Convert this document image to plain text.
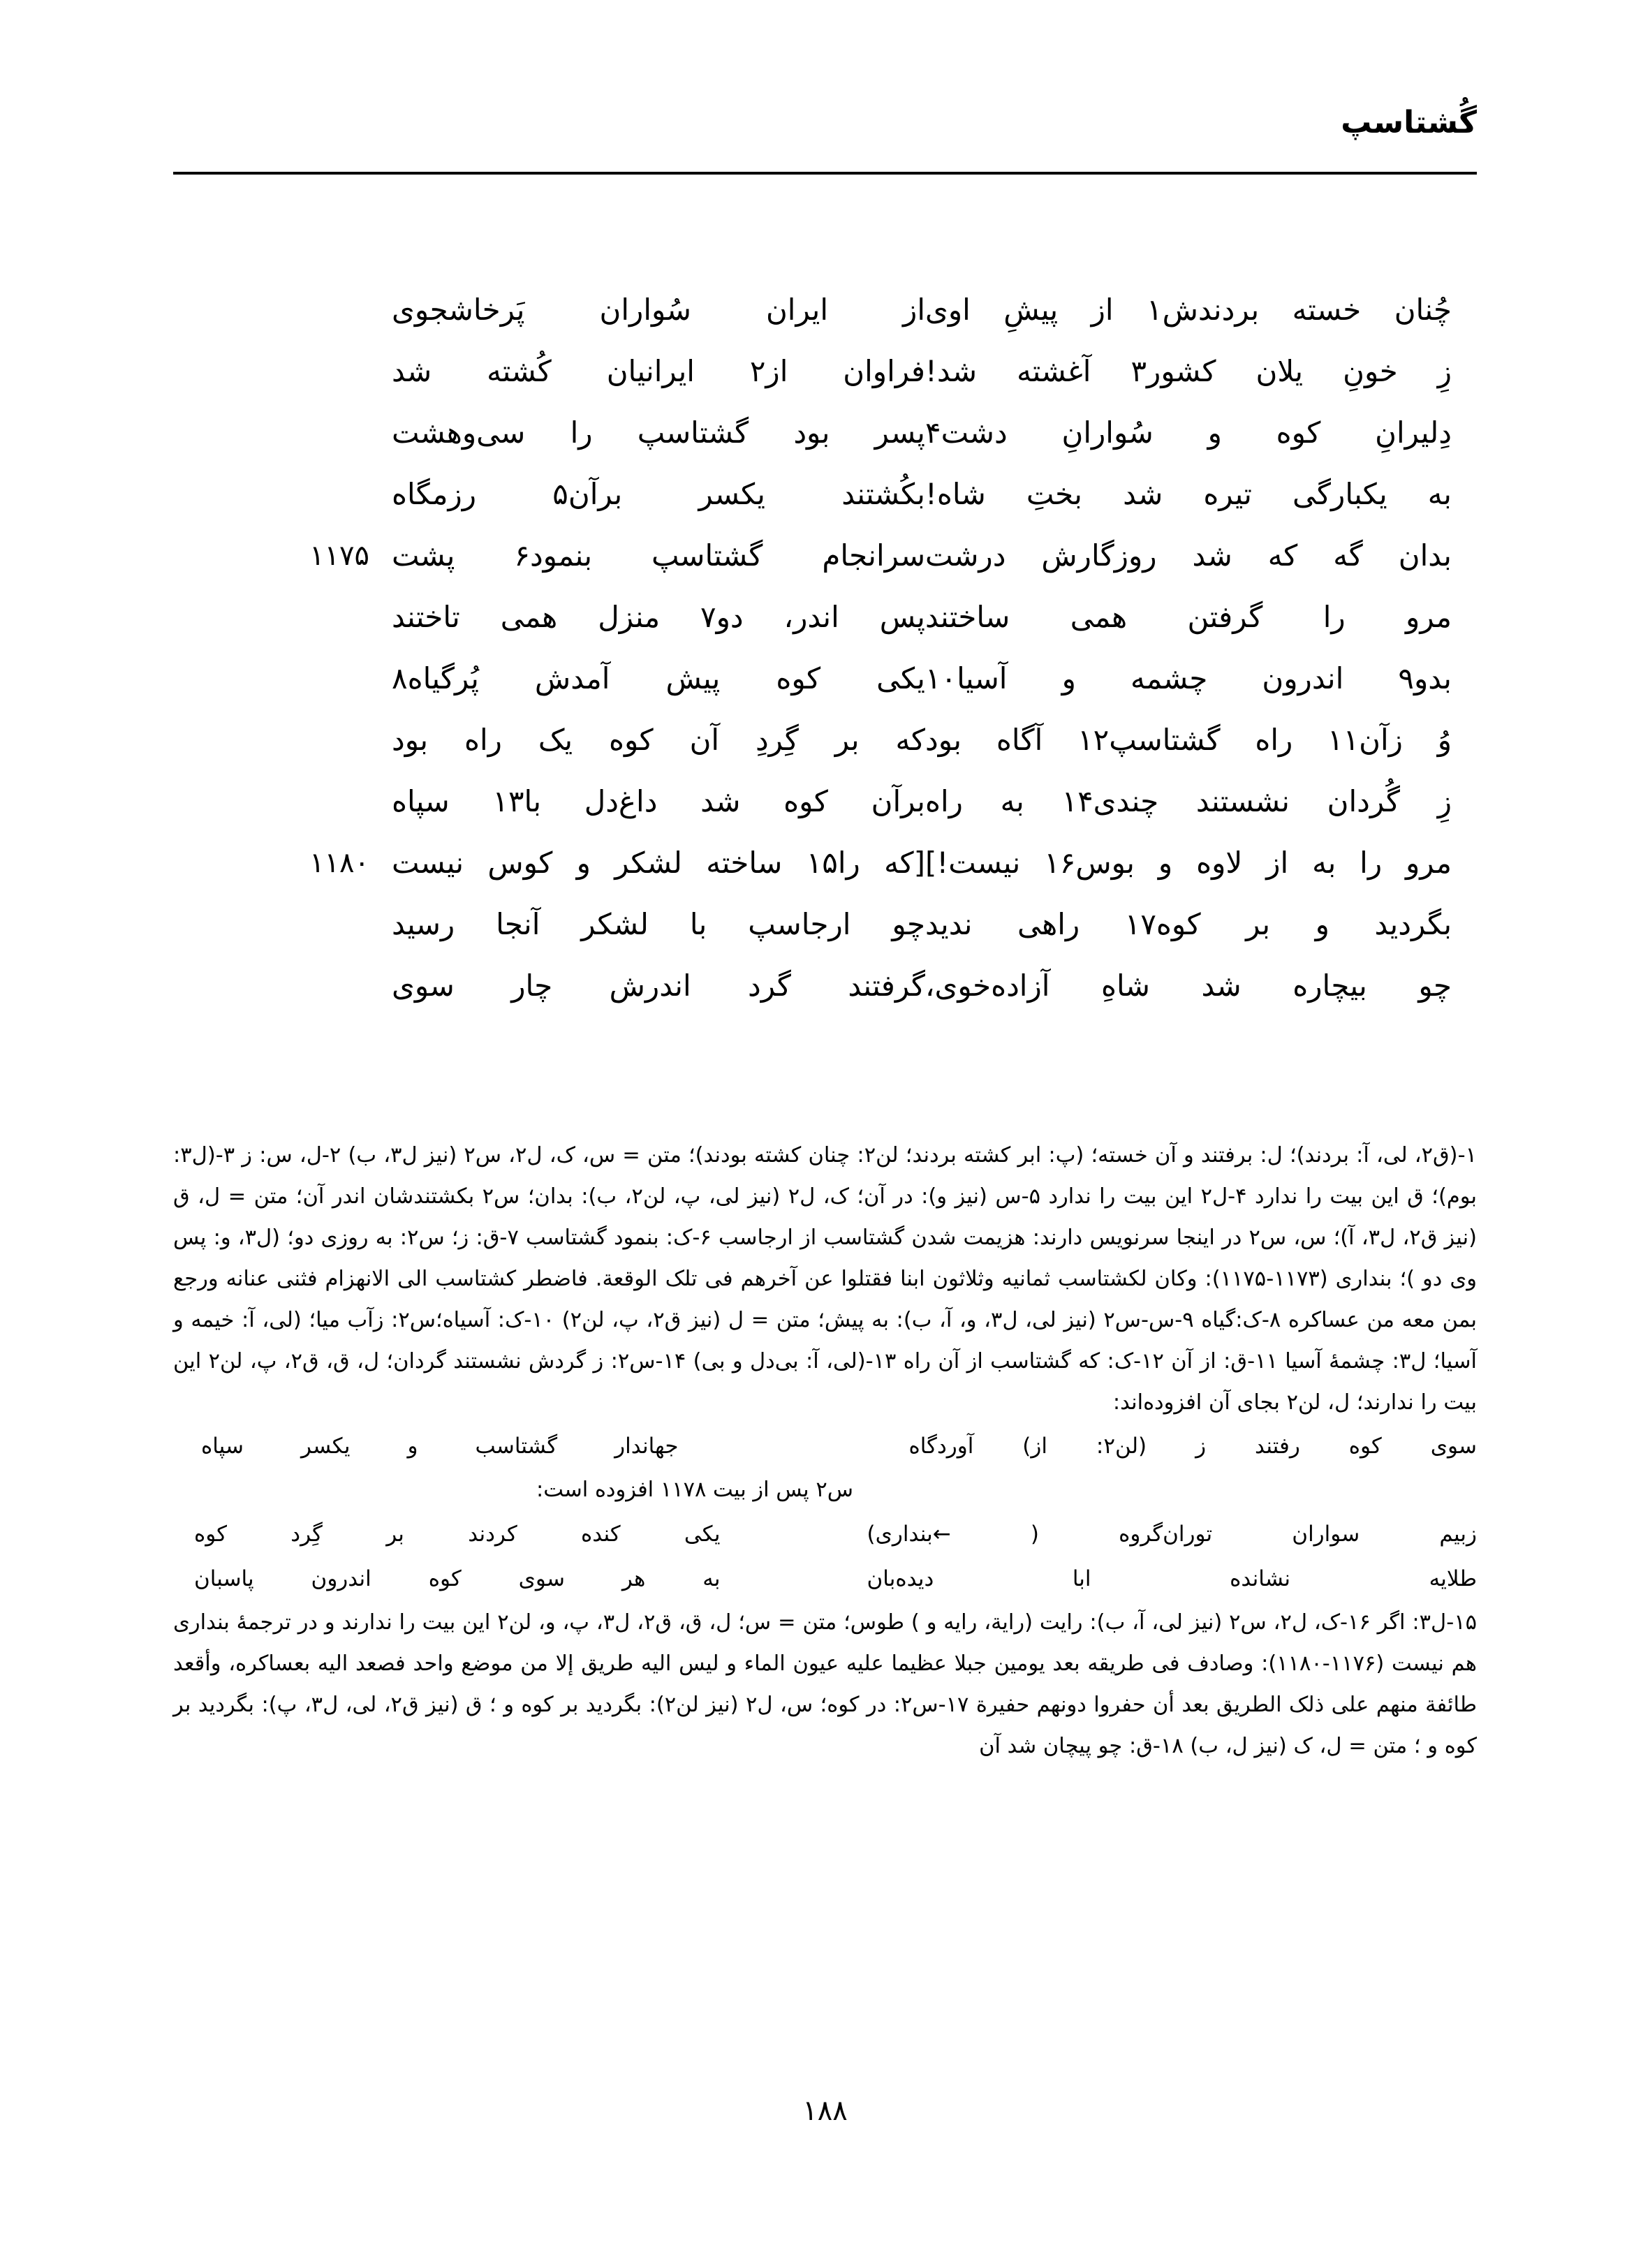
گُشتاسپ
چُنان خسته بردندش۱ از پیشِ اوی
از ایران سُواران پَرخاشجوی
زِ خونِ یلان کشور۳ آغشته شد!
فراوان از۲ ایرانیان کُشته شد
دِلیرانِ کوه و سُوارانِ دشت۴
پسر بود گشتاسپ را سی‌وهشت
به یکبارگی تیره شد بختِ شاه!
بکُشتند یکسر برآن۵ رزمگاه
بدان گه که شد روزگارش درشت
سرانجام گشتاسپ بنمود۶ پشت
۱۱۷۵
مرو را گرفتن همی ساختند
پس اندر، دو۷ منزل همی تاختند
بدو۹ اندرون چشمه و آسیا۱۰
یکی کوه پیش آمدش پُرگیاه۸
وُ زآن۱۱ راه گشتاسپ۱۲ آگاه بود
که بر گِردِ آن کوه یک راه بود
زِ گُردان نشستند چندی۱۴ به راه
برآن کوه شد داغ‌دل با۱۳ سپاه
مرو را به از لاوه و بوس۱۶ نیست!]
[که را۱۵ ساخته لشکر و کوس نیست
۱۱۸۰
بگردید و بر کوه۱۷ راهی ندید
چو ارجاسپ با لشکر آنجا رسید
چو بیچاره شد شاهِ آزاده‌خوی،
گرفتند گرد اندرش چار سوی

۱-(ق۲، لی، آ: بردند)؛ ل: برفتند و آن خسته؛ (پ: ابر کشته بردند؛ لن۲: چنان کشته بودند)؛ متن = س، ک، ل۲، س۲ (نیز ل۳، ب) ۲-ل، س: ز ۳-(ل۳: بوم)؛ ق این بیت را ندارد ۴-ل۲ این بیت را ندارد ۵-س (نیز و): در آن؛ ک، ل۲ (نیز لی، پ، لن۲، ب): بدان؛ س۲ بکشتندشان اندر آن؛ متن = ل، ق (نیز ق۲، ل۳، آ)؛ س، س۲ در اینجا سرنویس دارند: هزیمت شدن گشتاسب از ارجاسب ۶-ک: بنمود گشتاسب ۷-ق: ز؛ س۲: به روزی دو؛ (ل۳، و: پس وی دو )؛ بنداری (۱۱۷۳-۱۱۷۵): وکان لکشتاسب ثمانیه وثلاثون ابنا فقتلوا عن آخرهم فی تلک الوقعة. فاضطر کشتاسب الی الانهزام فثنی عنانه ورجع بمن معه من عساکره ۸-ک:گیاه ۹-س-س۲ (نیز لی، ل۳، و، آ، ب): به پیش؛ متن = ل (نیز ق۲، پ، لن۲) ۱۰-ک: آسیاه؛س۲: زآب میا؛ (لی، آ: خیمه و آسیا؛ ل۳: چشمهٔ آسیا ۱۱-ق: از آن ۱۲-ک: که گشتاسب از آن راه ۱۳-(لی، آ: بی‌دل و بی) ۱۴-س۲: ز گردش نشستند گردان؛ ل، ق، ق۲، پ، لن۲ این بیت را ندارند؛ ل، لن۲ بجای آن افزوده‌اند:

سوی کوه رفتند ز (لن۲: از) آوردگاه
جهاندار گشتاسب و یکسر سپاه
س۲ پس از بیت ۱۱۷۸ افزوده است:
زبیم سواران توران‌گروه ( ←بنداری)
یکی کنده کردند بر گِرد کوه
طلایه نشانده ابا دیده‌بان
به هر سوی کوه اندرون پاسبان

۱۵-ل۳: اگر ۱۶-ک، ل۲، س۲ (نیز لی، آ، ب): رایت (رایة، رایه و ) طوس؛ متن = س؛ ل، ق، ق۲، ل۳، پ، و، لن۲ این بیت را ندارند و در ترجمهٔ بنداری هم نیست (۱۱۷۶-۱۱۸۰): وصادف فی طریقه بعد یومین جبلا عظیما علیه عیون الماء و لیس الیه طریق إلا من موضع واحد فصعد الیه بعساکره، وأقعد طائفة منهم علی ذلک الطریق بعد أن حفروا دونهم حفیرة ۱۷-س۲: در کوه؛ س، ل۲ (نیز لن۲): بگردید بر کوه و ؛ ق (نیز ق۲، لی، ل۳، پ): بگردید بر کوه و ؛ متن = ل، ک (نیز ل، ب) ۱۸-ق: چو پیچان شد آن

۱۸۸
